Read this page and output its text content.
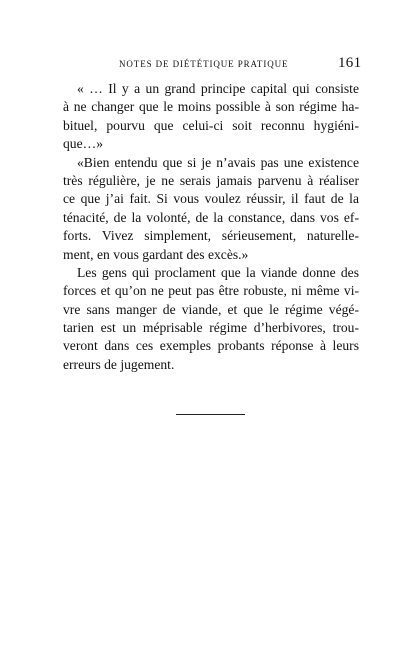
NOTES DE DIÉTÉTIQUE PRATIQUE	161
« … Il y a un grand principe capital qui consiste
à ne changer que le moins possible à son régime ha-
bituel, pourvu que celui-ci soit reconnu hygiéni-
que…»
«Bien entendu que si je n’avais pas une existence
très régulière, je ne serais jamais parvenu à réaliser
ce que j’ai fait. Si vous voulez réussir, il faut de la
ténacité, de la volonté, de la constance, dans vos ef-
forts. Vivez simplement, sérieusement, naturelle-
ment, en vous gardant des excès.»
Les gens qui proclament que la viande donne des
forces et qu’on ne peut pas être robuste, ni même vi-
vre sans manger de viande, et que le régime végé-
tarien est un méprisable régime d’herbivores, trou-
veront dans ces exemples probants réponse à leurs
erreurs de jugement.
